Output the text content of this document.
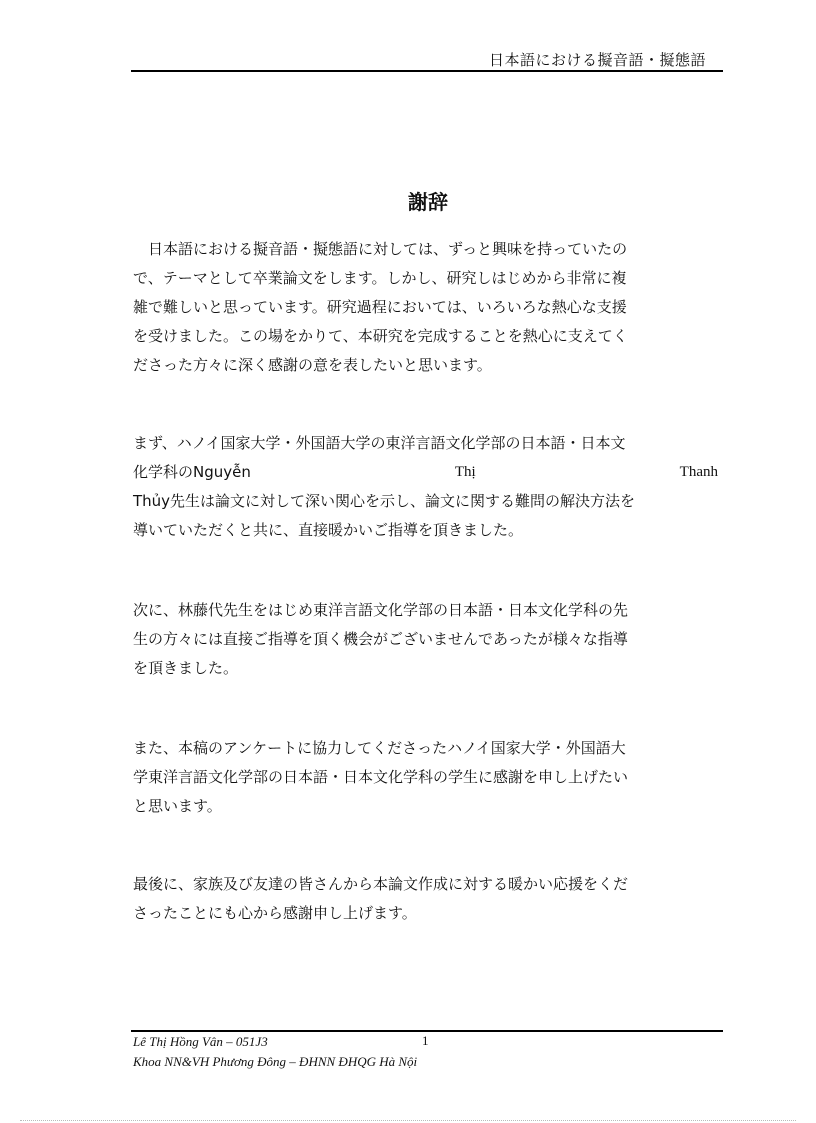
日本語における擬音語・擬態語
謝辞

　日本語における擬音語・擬態語に対しては、ずっと興味を持っていたの
で、テーマとして卒業論文をします。しかし、研究しはじめから非常に複
雑で難しいと思っています。研究過程においては、いろいろな熱心な支援
を受けました。この場をかりて、本研究を完成することを熱心に支えてく
ださった方々に深く感謝の意を表したいと思います。

まず、ハノイ国家大学・外国語大学の東洋言語文化学部の日本語・日本文
化学科のNguyễn	Thị	Thanh
Thủy先生は論文に対して深い関心を示し、論文に関する難問の解決方法を
導いていただくと共に、直接暖かいご指導を頂きました。

次に、林藤代先生をはじめ東洋言語文化学部の日本語・日本文化学科の先
生の方々には直接ご指導を頂く機会がございませんであったが様々な指導
を頂きました。

また、本稿のアンケートに協力してくださったハノイ国家大学・外国語大
学東洋言語文化学部の日本語・日本文化学科の学生に感謝を申し上げたい
と思います。

最後に、家族及び友達の皆さんから本論文作成に対する暖かい応援をくだ
さったことにも心から感謝申し上げます。

Lê Thị Hồng Vân – 051J3	1
Khoa NN&VH Phương Đông – ĐHNN ĐHQG Hà Nội
